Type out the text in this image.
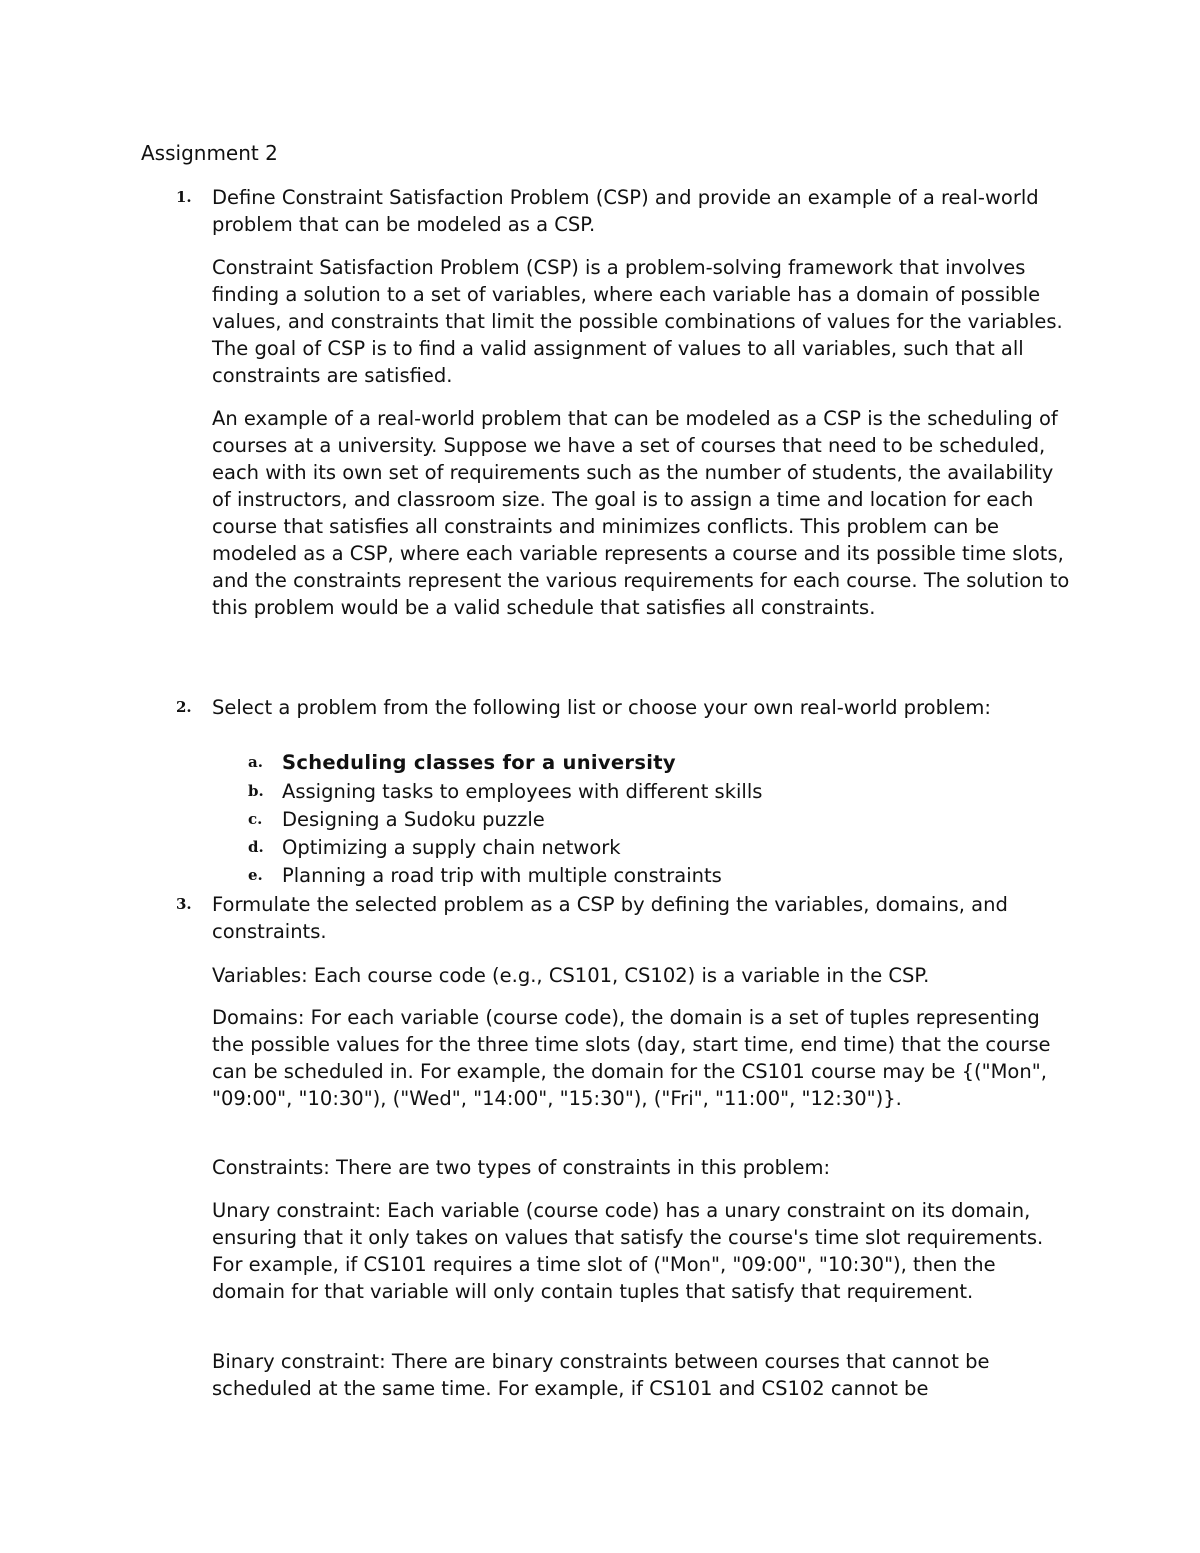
Assignment 2
1. Define Constraint Satisfaction Problem (CSP) and provide an example of a real-world problem that can be modeled as a CSP.

Constraint Satisfaction Problem (CSP) is a problem-solving framework that involves finding a solution to a set of variables, where each variable has a domain of possible values, and constraints that limit the possible combinations of values for the variables. The goal of CSP is to find a valid assignment of values to all variables, such that all constraints are satisfied.

An example of a real-world problem that can be modeled as a CSP is the scheduling of courses at a university. Suppose we have a set of courses that need to be scheduled, each with its own set of requirements such as the number of students, the availability of instructors, and classroom size. The goal is to assign a time and location for each course that satisfies all constraints and minimizes conflicts. This problem can be modeled as a CSP, where each variable represents a course and its possible time slots, and the constraints represent the various requirements for each course. The solution to this problem would be a valid schedule that satisfies all constraints.

2. Select a problem from the following list or choose your own real-world problem:

a. Scheduling classes for a university
b. Assigning tasks to employees with different skills
c. Designing a Sudoku puzzle
d. Optimizing a supply chain network
e. Planning a road trip with multiple constraints
3. Formulate the selected problem as a CSP by defining the variables, domains, and constraints.

Variables: Each course code (e.g., CS101, CS102) is a variable in the CSP.

Domains: For each variable (course code), the domain is a set of tuples representing the possible values for the three time slots (day, start time, end time) that the course can be scheduled in. For example, the domain for the CS101 course may be {("Mon", "09:00", "10:30"), ("Wed", "14:00", "15:30"), ("Fri", "11:00", "12:30")}.

Constraints: There are two types of constraints in this problem:

Unary constraint: Each variable (course code) has a unary constraint on its domain, ensuring that it only takes on values that satisfy the course's time slot requirements. For example, if CS101 requires a time slot of ("Mon", "09:00", "10:30"), then the domain for that variable will only contain tuples that satisfy that requirement.

Binary constraint: There are binary constraints between courses that cannot be scheduled at the same time. For example, if CS101 and CS102 cannot be
